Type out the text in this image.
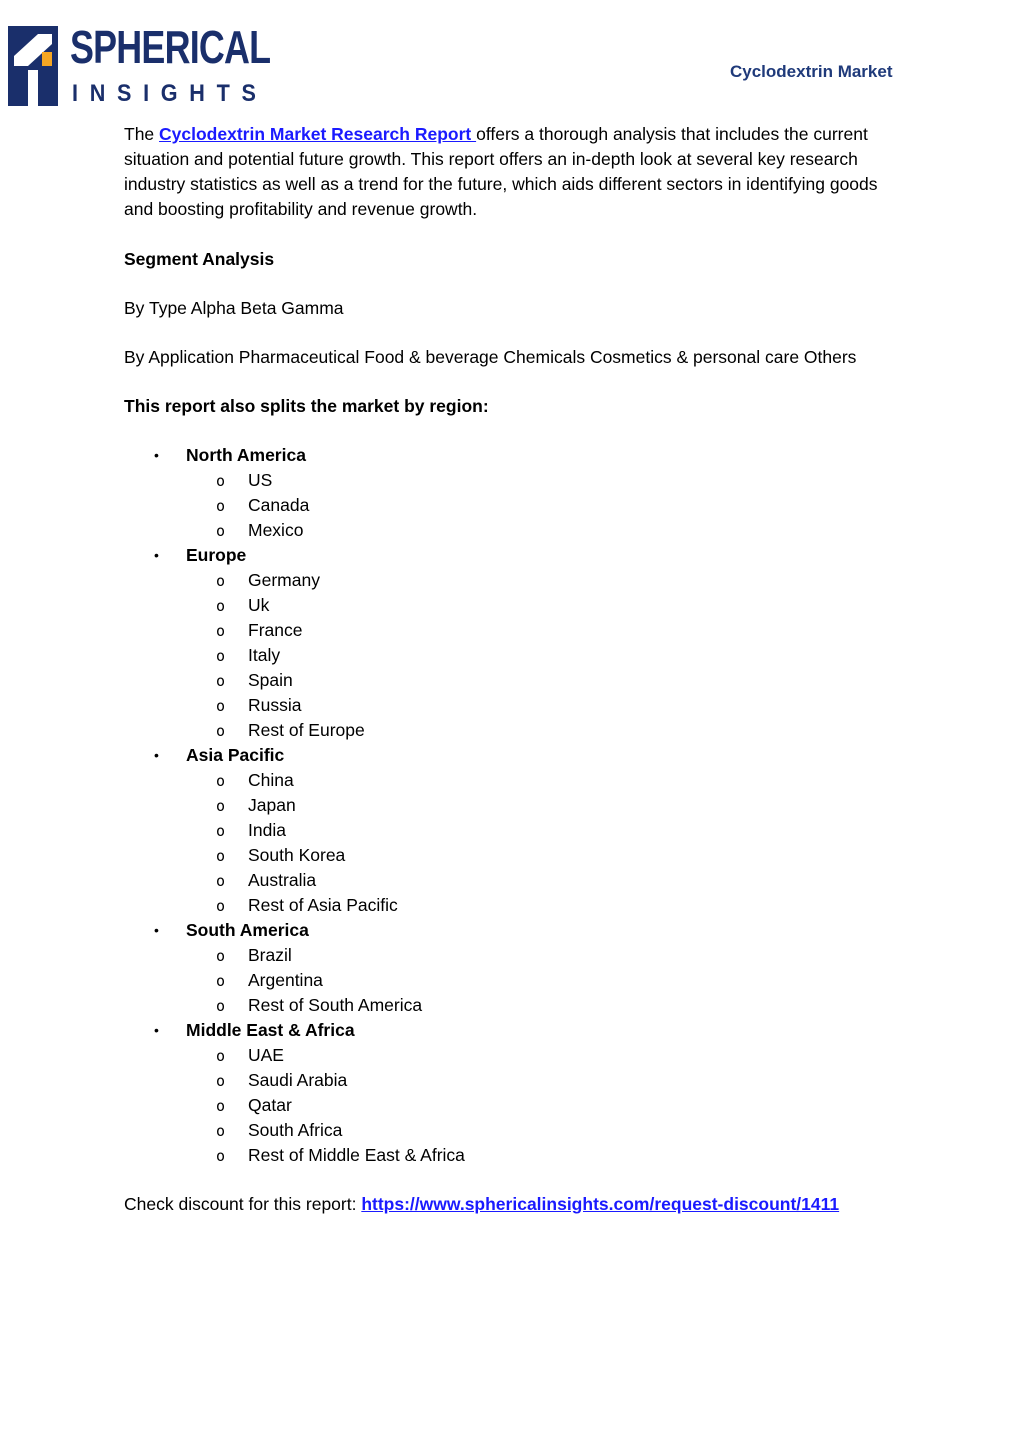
SPHERICAL
INSIGHTS
Cyclodextrin Market

The Cyclodextrin Market Research Report offers a thorough analysis that includes the current situation and potential future growth. This report offers an in-depth look at several key research industry statistics as well as a trend for the future, which aids different sectors in identifying goods and boosting profitability and revenue growth.

Segment Analysis

By Type Alpha Beta Gamma

By Application Pharmaceutical Food & beverage Chemicals Cosmetics & personal care Others

This report also splits the market by region:

• North America
o US
o Canada
o Mexico
• Europe
o Germany
o Uk
o France
o Italy
o Spain
o Russia
o Rest of Europe
• Asia Pacific
o China
o Japan
o India
o South Korea
o Australia
o Rest of Asia Pacific
• South America
o Brazil
o Argentina
o Rest of South America
• Middle East & Africa
o UAE
o Saudi Arabia
o Qatar
o South Africa
o Rest of Middle East & Africa

Check discount for this report: https://www.sphericalinsights.com/request-discount/1411
